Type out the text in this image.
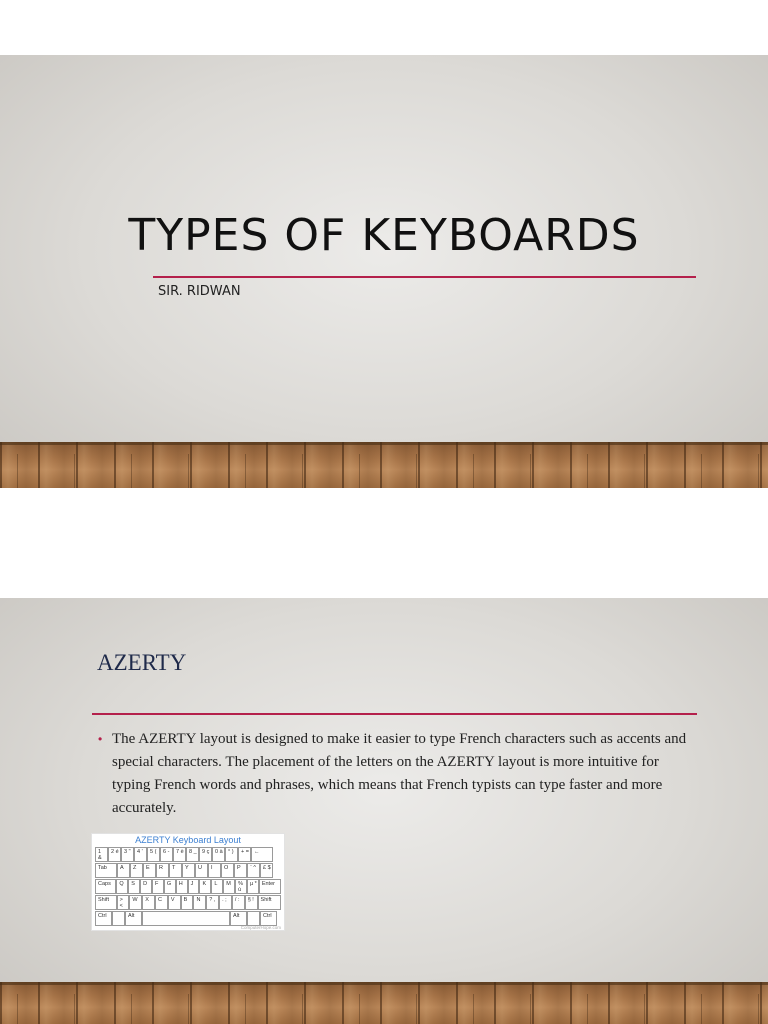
TYPES OF KEYBOARDS
SIR. RIDWAN
AZERTY
• The AZERTY layout is designed to make it easier to type French characters such as accents and special characters. The placement of the letters on the AZERTY layout is more intuitive for typing French words and phrases, which means that French typists can type faster and more accurately.

AZERTY Keyboard Layout
1 &
2 é 3 "	4 '	5 (	6 -	7 è 8 _ 9 ç	0 à ° )	+ = ←
Tab	A	Z	E	R	T	Y	U	I	O	P	¨ ^	£ $
Caps	Q	S	D	F	G	H	J	K	L	M	% ù
µ * Enter
Shift	> <
W	X	C	V	B	N	? ,	. ;	/ :	§ !	Shift
Ctrl	Alt	Alt	Ctrl
ComputerHope.com
